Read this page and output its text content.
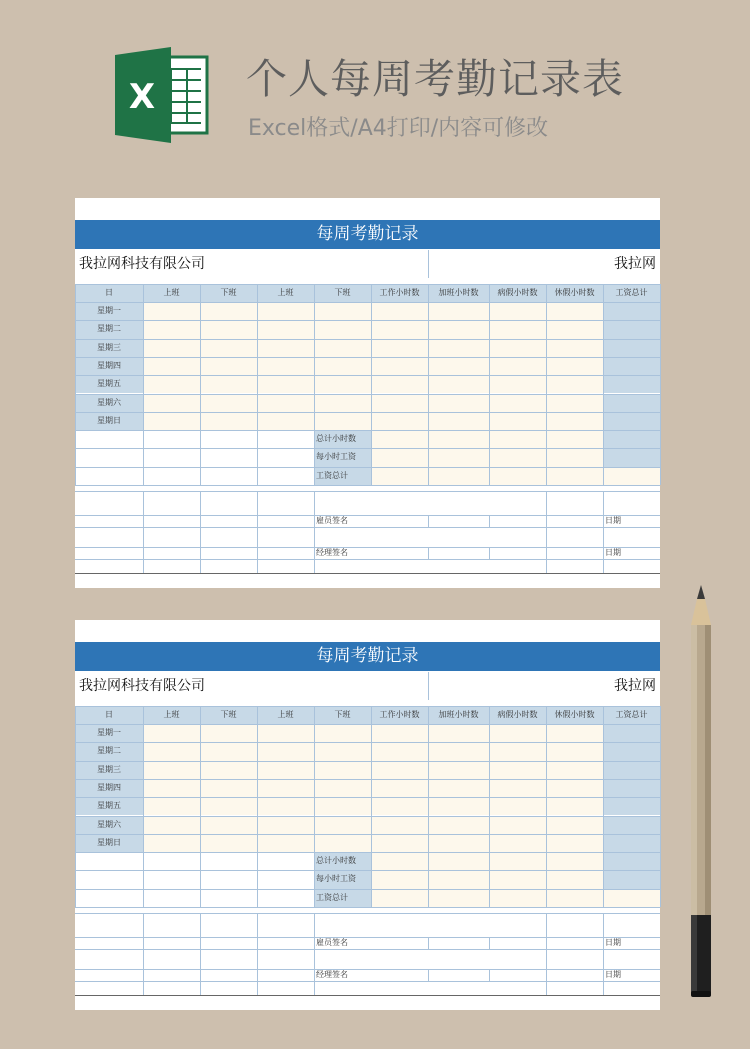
X 个人每周考勤记录表
Excel格式/A4打印/内容可修改
每周考勤记录
我拉网科技有限公司	我拉网
日	上班	下班	上班	下班	工作小时数	加班小时数	病假小时数	休假小时数	工资总计
星期一
星期二
星期三
星期四
星期五
星期六
星期日
总计小时数
每小时工资
工资总计
雇员签名	日期
经理签名	日期
每周考勤记录
我拉网科技有限公司	我拉网
日	上班	下班	上班	下班	工作小时数	加班小时数	病假小时数	休假小时数	工资总计
星期一
星期二
星期三
星期四
星期五
星期六
星期日
总计小时数
每小时工资
工资总计
雇员签名	日期
经理签名	日期
